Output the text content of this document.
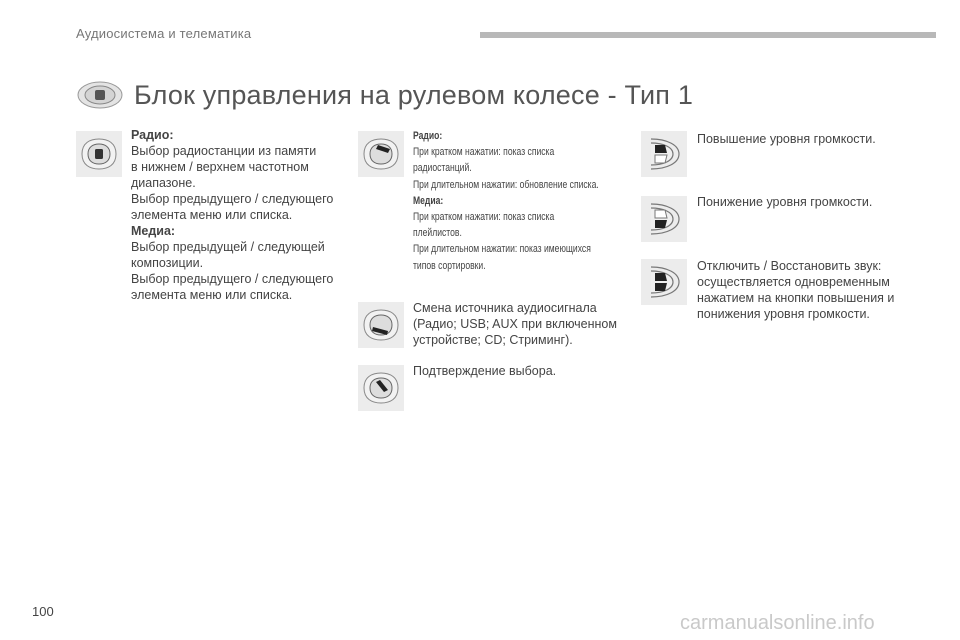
Аудиосистема и телематика
Блок управления на рулевом колесе - Тип 1
Радио:
Выбор радиостанции из памяти
в нижнем / верхнем частотном
диапазоне.
Выбор предыдущего / следующего
элемента меню или списка.
Медиа:
Выбор предыдущей / следующей
композиции.
Выбор предыдущего / следующего
элемента меню или списка.
Радио:
При кратком нажатии: показ списка
радиостанций.
При длительном нажатии: обновление списка.
Медиа:
При кратком нажатии: показ списка
плейлистов.
При длительном нажатии: показ имеющихся
типов сортировки.
Смена источника аудиосигнала
(Радио; USB; AUX при включенном
устройстве; CD; Стриминг).
Подтверждение выбора.
Повышение уровня громкости.
Понижение уровня громкости.
Отключить / Восстановить звук:
осуществляется одновременным
нажатием на кнопки повышения и
понижения уровня громкости.
100
carmanualsonline.info
